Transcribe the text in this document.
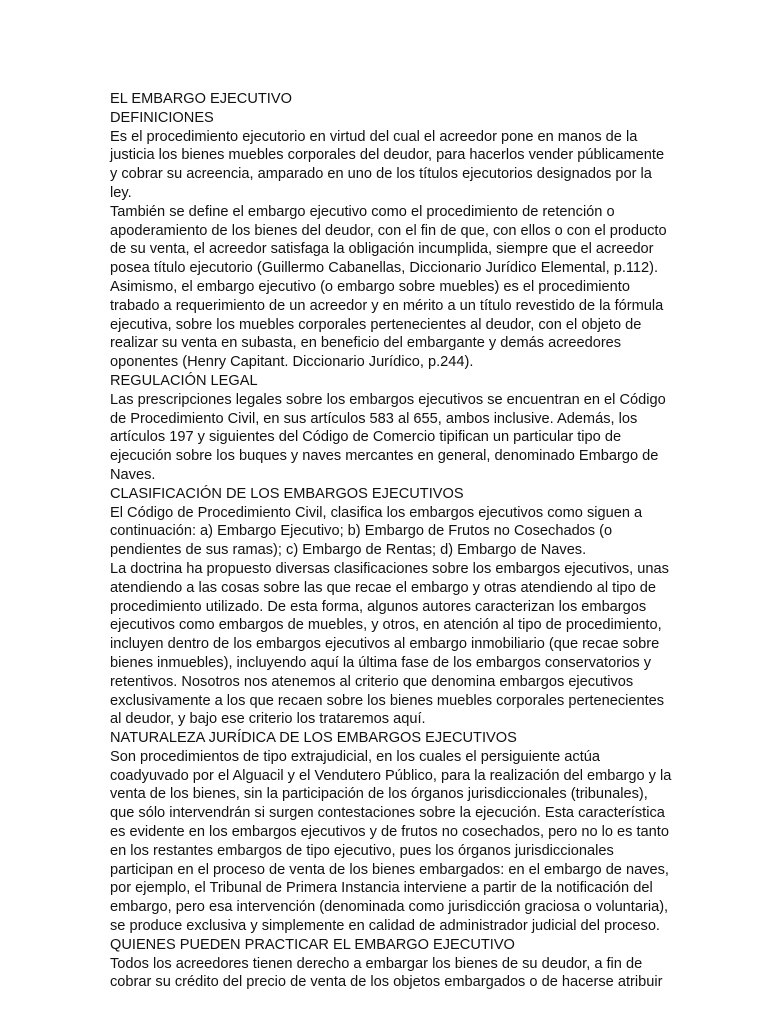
EL EMBARGO EJECUTIVO
DEFINICIONES
Es el procedimiento ejecutorio en virtud del cual el acreedor pone en manos de la
justicia los bienes muebles corporales del deudor, para hacerlos vender públicamente
y cobrar su acreencia, amparado en uno de los títulos ejecutorios designados por la
ley.
También se define el embargo ejecutivo como el procedimiento de retención o
apoderamiento de los bienes del deudor, con el fin de que, con ellos o con el producto
de su venta, el acreedor satisfaga la obligación incumplida, siempre que el acreedor
posea título ejecutorio (Guillermo Cabanellas, Diccionario Jurídico Elemental, p.112).
Asimismo, el embargo ejecutivo (o embargo sobre muebles) es el procedimiento
trabado a requerimiento de un acreedor y en mérito a un título revestido de la fórmula
ejecutiva, sobre los muebles corporales pertenecientes al deudor, con el objeto de
realizar su venta en subasta, en beneficio del embargante y demás acreedores
oponentes (Henry Capitant. Diccionario Jurídico, p.244).
REGULACIÓN LEGAL
Las prescripciones legales sobre los embargos ejecutivos se encuentran en el Código
de Procedimiento Civil, en sus artículos 583 al 655, ambos inclusive. Además, los
artículos 197 y siguientes del Código de Comercio tipifican un particular tipo de
ejecución sobre los buques y naves mercantes en general, denominado Embargo de
Naves.
CLASIFICACIÓN DE LOS EMBARGOS EJECUTIVOS
El Código de Procedimiento Civil, clasifica los embargos ejecutivos como siguen a
continuación: a) Embargo Ejecutivo; b) Embargo de Frutos no Cosechados (o
pendientes de sus ramas); c) Embargo de Rentas; d) Embargo de Naves.
La doctrina ha propuesto diversas clasificaciones sobre los embargos ejecutivos, unas
atendiendo a las cosas sobre las que recae el embargo y otras atendiendo al tipo de
procedimiento utilizado. De esta forma, algunos autores caracterizan los embargos
ejecutivos como embargos de muebles, y otros, en atención al tipo de procedimiento,
incluyen dentro de los embargos ejecutivos al embargo inmobiliario (que recae sobre
bienes inmuebles), incluyendo aquí la última fase de los embargos conservatorios y
retentivos. Nosotros nos atenemos al criterio que denomina embargos ejecutivos
exclusivamente a los que recaen sobre los bienes muebles corporales pertenecientes
al deudor, y bajo ese criterio los trataremos aquí.
NATURALEZA JURÍDICA DE LOS EMBARGOS EJECUTIVOS
Son procedimientos de tipo extrajudicial, en los cuales el persiguiente actúa
coadyuvado por el Alguacil y el Vendutero Público, para la realización del embargo y la
venta de los bienes, sin la participación de los órganos jurisdiccionales (tribunales),
que sólo intervendrán si surgen contestaciones sobre la ejecución. Esta característica
es evidente en los embargos ejecutivos y de frutos no cosechados, pero no lo es tanto
en los restantes embargos de tipo ejecutivo, pues los órganos jurisdiccionales
participan en el proceso de venta de los bienes embargados: en el embargo de naves,
por ejemplo, el Tribunal de Primera Instancia interviene a partir de la notificación del
embargo, pero esa intervención (denominada como jurisdicción graciosa o voluntaria),
se produce exclusiva y simplemente en calidad de administrador judicial del proceso.
QUIENES PUEDEN PRACTICAR EL EMBARGO EJECUTIVO
Todos los acreedores tienen derecho a embargar los bienes de su deudor, a fin de
cobrar su crédito del precio de venta de los objetos embargados o de hacerse atribuir
